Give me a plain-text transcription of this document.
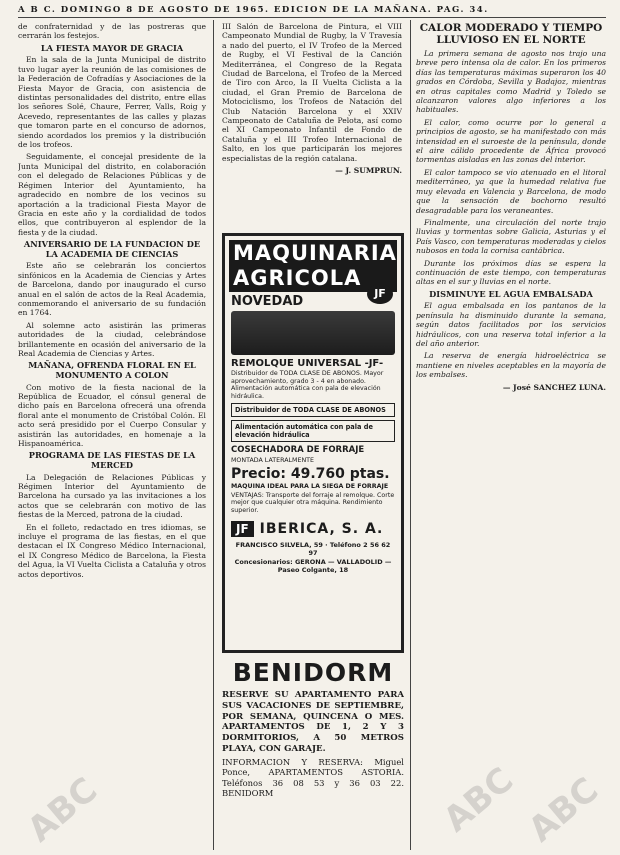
A B C. DOMINGO 8 DE AGOSTO DE 1965. EDICION DE LA MAÑANA. PAG. 34.

de confraternidad y de las postreras que cerrarán los festejos.

LA FIESTA MAYOR DE GRACIA

En la sala de la Junta Municipal de distrito tuvo lugar ayer la reunión de las comisiones de la Federación de Cofradías y Asociaciones de la Fiesta Mayor de Gracia, con asistencia de distintas personalidades del distrito, entre ellas los señores Solé, Chaure, Ferrer, Valls, Roig y Acevedo, representantes de las calles y plazas que tomaron parte en el concurso de adornos, siendo acordados los premios y la distribución de los trofeos.

Seguidamente, el concejal presidente de la Junta Municipal del distrito, en colaboración con el delegado de Relaciones Públicas y de Régimen Interior del Ayuntamiento, ha agradecido en nombre de los vecinos su aportación a la tradicional Fiesta Mayor de Gracia en este año y la cordialidad de todos ellos, que contribuyeron al esplendor de la fiesta y de la ciudad.

ANIVERSARIO DE LA FUNDACION DE LA ACADEMIA DE CIENCIAS

Este año se celebrarán los conciertos sinfónicos en la Academia de Ciencias y Artes de Barcelona, dando por inaugurado el curso anual en el salón de actos de la Real Academia, conmemorando el aniversario de su fundación en 1764.

Al solemne acto asistirán las primeras autoridades de la ciudad, celebrándose brillantemente en ocasión del aniversario de la Real Academia de Ciencias y Artes.

MAÑANA, OFRENDA FLORAL EN EL MONUMENTO A COLON

Con motivo de la fiesta nacional de la República de Ecuador, el cónsul general de dicho país en Barcelona ofrecerá una ofrenda floral ante el monumento de Cristóbal Colón. El acto será presidido por el Cuerpo Consular y asistirán las autoridades, en homenaje a la Hispanoamérica.

PROGRAMA DE LAS FIESTAS DE LA MERCED

La Delegación de Relaciones Públicas y Régimen Interior del Ayuntamiento de Barcelona ha cursado ya las invitaciones a los actos que se celebrarán con motivo de las fiestas de la Merced, patrona de la ciudad.

En el folleto, redactado en tres idiomas, se incluye el programa de las fiestas, en el que destacan el IX Congreso Médico Internacional, el IX Congreso Médico de Barcelona, la Fiesta del Agua, la VI Vuelta Ciclista a Cataluña y otros actos deportivos.

III Salón de Barcelona de Pintura, el VIII Campeonato Mundial de Rugby, la V Travesía a nado del puerto, el IV Trofeo de la Merced de Rugby, el VI Festival de la Canción Mediterránea, el Congreso de la Regata Ciudad de Barcelona, el Trofeo de la Merced de Tiro con Arco, la II Vuelta Ciclista a la ciudad, el Gran Premio de Barcelona de Motociclismo, los Trofeos de Natación del Club Natación Barcelona y el XXIV Campeonato de Cataluña de Pelota, así como el XI Campeonato Infantil de Fondo de Cataluña y el III Trofeo Internacional de Salto, en los que participarán los mejores especialistas de la región catalana.

— J. SUMPRUN.
MAQUINARIA
AGRICOLA
JF
NOVEDAD
REMOLQUE UNIVERSAL -JF-
Distribuidor de TODA CLASE DE ABONOS. Mayor aprovechamiento, grado 3 - 4 en abonado. Alimentación automática con pala de elevación hidráulica.
Distribuidor de TODA CLASE DE ABONOS
Alimentación automática con pala de elevación hidráulica
COSECHADORA DE FORRAJE
MONTADA LATERALMENTE
Precio: 49.760 ptas.
MAQUINA IDEAL PARA LA SIEGA DE FORRAJE
VENTAJAS: Transporte del forraje al remolque. Corte mejor que cualquier otra máquina. Rendimiento superior.
JF IBERICA, S. A.
FRANCISCO SILVELA, 59 · Teléfono 2 56 62 97
Concesionarios: GERONA — VALLADOLID — Paseo Colgante, 18
BENIDORM
RESERVE SU APARTAMENTO PARA SUS VACACIONES DE SEPTIEMBRE, POR SEMANA, QUINCENA O MES. APARTAMENTOS DE 1, 2 Y 3 DORMITORIOS, A 50 METROS PLAYA, CON GARAJE.
INFORMACION Y RESERVA: Miguel Ponce, APARTAMENTOS ASTORIA. Teléfonos 36 08 53 y 36 03 22. BENIDORM
CALOR MODERADO Y TIEMPO LLUVIOSO EN EL NORTE

La primera semana de agosto nos trajo una breve pero intensa ola de calor. En los primeros días las temperaturas máximas superaron los 40 grados en Córdoba, Sevilla y Badajoz, mientras en otras capitales como Madrid y Toledo se alcanzaron valores algo inferiores a los habituales.

El calor, como ocurre por lo general a principios de agosto, se ha manifestado con más intensidad en el suroeste de la península, donde el aire cálido procedente de África provocó tormentas aisladas en las zonas del interior.

El calor tampoco se vio atenuado en el litoral mediterráneo, ya que la humedad relativa fue muy elevada en Valencia y Barcelona, de modo que la sensación de bochorno resultó desagradable para los veraneantes.

Finalmente, una circulación del norte trajo lluvias y tormentas sobre Galicia, Asturias y el País Vasco, con temperaturas moderadas y cielos nubosos en toda la cornisa cantábrica.

Durante los próximos días se espera la continuación de este tiempo, con temperaturas altas en el sur y lluvias en el norte.

DISMINUYE EL AGUA EMBALSADA

El agua embalsada en los pantanos de la península ha disminuido durante la semana, según datos facilitados por los servicios hidráulicos, con una reserva total inferior a la del año anterior.

La reserva de energía hidroeléctrica se mantiene en niveles aceptables en la mayoría de los embalses.

— José SANCHEZ LUNA.
ABC	ABC ABC
